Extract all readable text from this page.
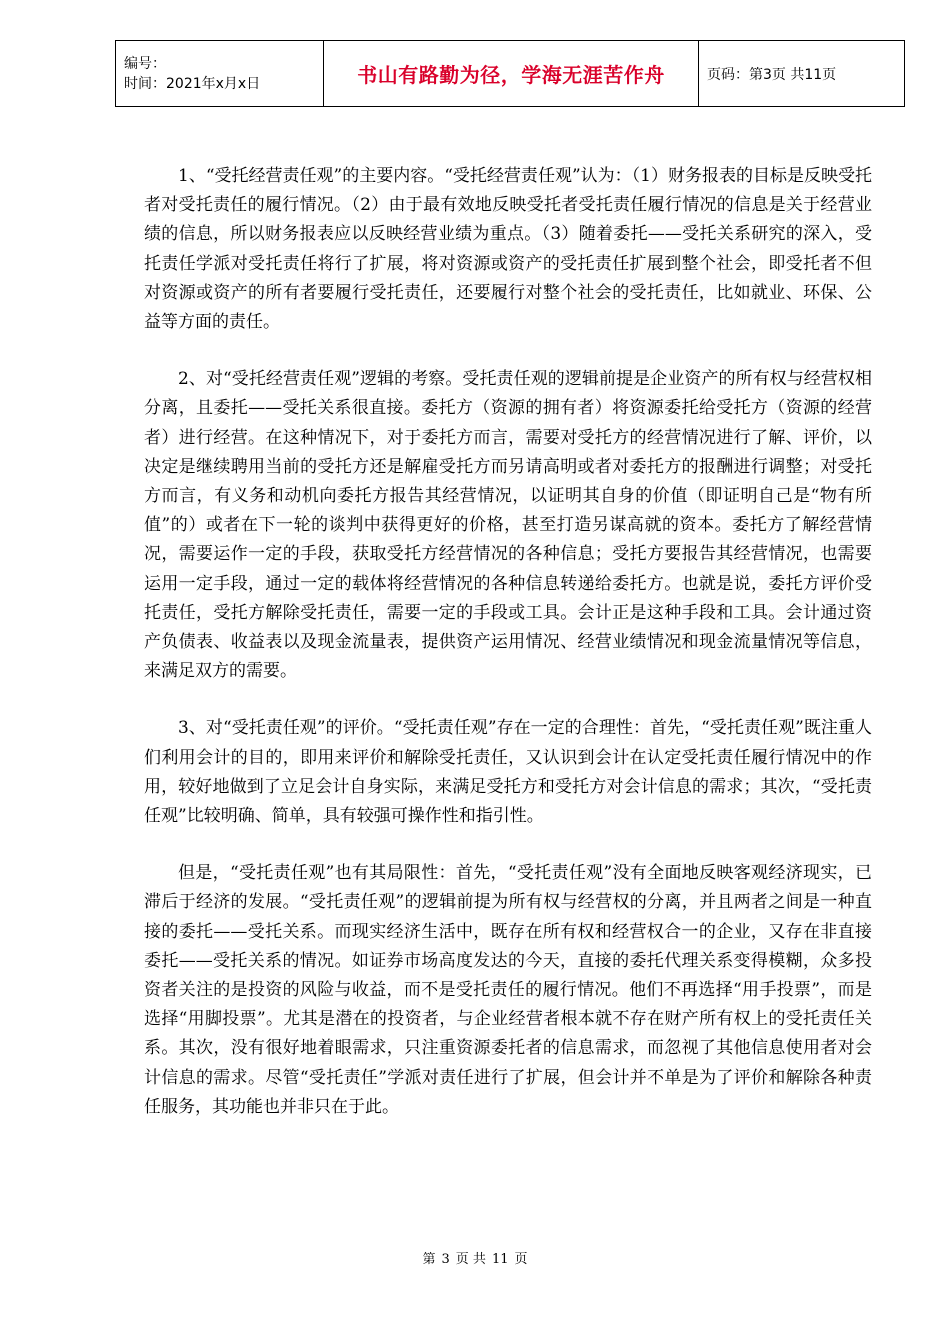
编号：
时间：2021年x月x日	书山有路勤为径，学海无涯苦作舟	页码：第3页 共11页

1、“受托经营责任观”的主要内容。“受托经营责任观”认为：（1）财务报表的目标是反映受托者对受托责任的履行情况。（2）由于最有效地反映受托者受托责任履行情况的信息是关于经营业绩的信息，所以财务报表应以反映经营业绩为重点。（3）随着委托——受托关系研究的深入，受托责任学派对受托责任将行了扩展，将对资源或资产的受托责任扩展到整个社会，即受托者不但对资源或资产的所有者要履行受托责任，还要履行对整个社会的受托责任，比如就业、环保、公益等方面的责任。

2、对“受托经营责任观”逻辑的考察。受托责任观的逻辑前提是企业资产的所有权与经营权相分离，且委托——受托关系很直接。委托方（资源的拥有者）将资源委托给受托方（资源的经营者）进行经营。在这种情况下，对于委托方而言，需要对受托方的经营情况进行了解、评价，以决定是继续聘用当前的受托方还是解雇受托方而另请高明或者对委托方的报酬进行调整；对受托方而言，有义务和动机向委托方报告其经营情况，以证明其自身的价值（即证明自己是“物有所值”的）或者在下一轮的谈判中获得更好的价格，甚至打造另谋高就的资本。委托方了解经营情况，需要运作一定的手段，获取受托方经营情况的各种信息；受托方要报告其经营情况，也需要运用一定手段，通过一定的载体将经营情况的各种信息转递给委托方。也就是说，委托方评价受托责任，受托方解除受托责任，需要一定的手段或工具。会计正是这种手段和工具。会计通过资产负债表、收益表以及现金流量表，提供资产运用情况、经营业绩情况和现金流量情况等信息，来满足双方的需要。

3、对“受托责任观”的评价。“受托责任观”存在一定的合理性：首先，“受托责任观”既注重人们利用会计的目的，即用来评价和解除受托责任，又认识到会计在认定受托责任履行情况中的作用，较好地做到了立足会计自身实际，来满足受托方和受托方对会计信息的需求；其次，“受托责任观”比较明确、简单，具有较强可操作性和指引性。

但是，“受托责任观”也有其局限性：首先，“受托责任观”没有全面地反映客观经济现实，已滞后于经济的发展。“受托责任观”的逻辑前提为所有权与经营权的分离，并且两者之间是一种直接的委托——受托关系。而现实经济生活中，既存在所有权和经营权合一的企业，又存在非直接委托——受托关系的情况。如证券市场高度发达的今天，直接的委托代理关系变得模糊，众多投资者关注的是投资的风险与收益，而不是受托责任的履行情况。他们不再选择“用手投票”，而是选择“用脚投票”。尤其是潜在的投资者，与企业经营者根本就不存在财产所有权上的受托责任关系。其次，没有很好地着眼需求，只注重资源委托者的信息需求，而忽视了其他信息使用者对会计信息的需求。尽管“受托责任”学派对责任进行了扩展，但会计并不单是为了评价和解除各种责任服务，其功能也并非只在于此。

第 3 页 共 11 页
